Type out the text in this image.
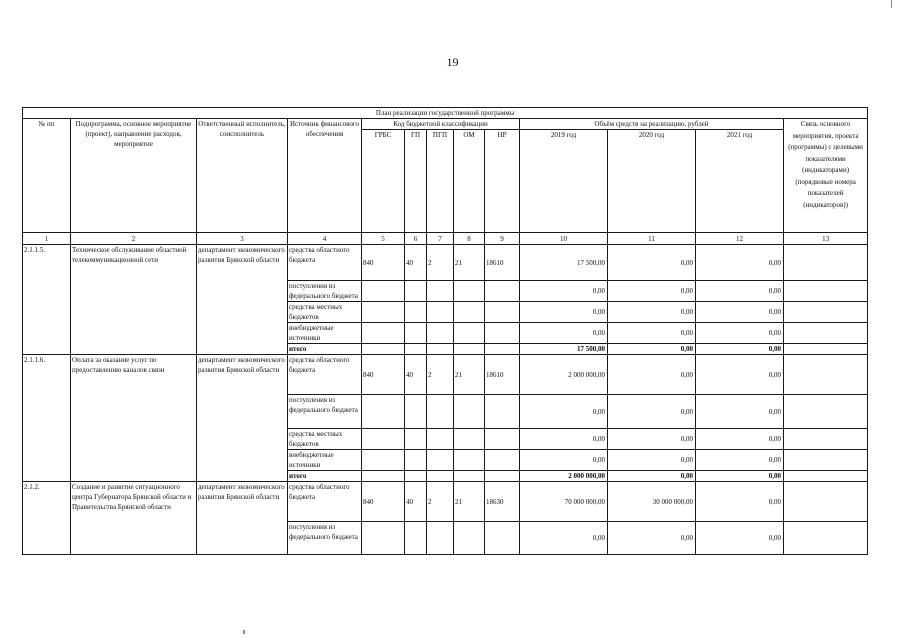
19
План реализации государственной программы												
№ пп	Подпрограмма, основное мероприятие (проект), направление расходов, мероприятие	Ответственный исполнитель, соисполнитель	Источник финансового обеспечения	Код бюджетной классификации					Объём средств на реализацию, рублей			Связь основного мероприятия, проекта (программы) с целевыми показателями (индикаторами) (порядковые номера показателей (индикаторов))
				ГРБС	ГП	ПГП	ОМ	НР	2019 год	2020 год	2021 год	
1	2	3	4	5	6	7	8	9	10	11	12	13
2.1.1.5.	Техническое обслуживание областной телекоммуникационной сети	департамент экономического развития Брянской области	средства областного бюджета	840	40	2	21	18610	17 500,00	0,00	0,00	
			поступления из федерального бюджета						0,00	0,00	0,00	
			средства местных бюджетов						0,00	0,00	0,00	
			внебюджетные источники						0,00	0,00	0,00	
			итого						17 500,00	0,00	0,00	
2.1.1.6.	Оплата за оказание услуг по предоставлению каналов связи	департамент экономического развития Брянской области	средства областного бюджета	840	40	2	21	18610	2 000 000,00	0,00	0,00	
			поступления из федерального бюджета						0,00	0,00	0,00	
			средства местных бюджетов						0,00	0,00	0,00	
			внебюджетные источники						0,00	0,00	0,00	
			итого						2 000 000,00	0,00	0,00	
2.1.2.	Создание и развитие ситуационного центра Губернатора Брянской области и Правительства Брянской области	департамент экономического развития Брянской области	средства областного бюджета	840	40	2	21	18630	70 000 000,00	30 000 000,00	0,00	
			поступления из федерального бюджета						0,00	0,00	0,00	
